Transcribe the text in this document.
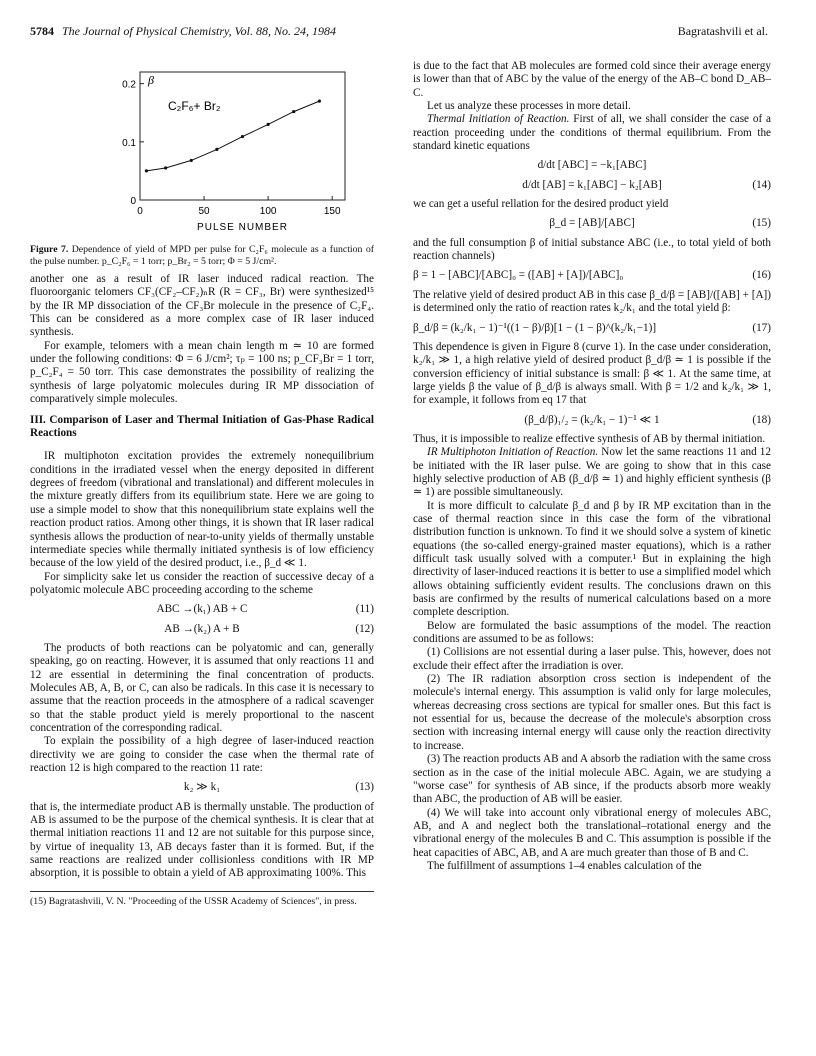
5784 The Journal of Physical Chemistry, Vol. 88, No. 24, 1984	Bagratashvili et al.
0	50	100	150
0
0.1
0.2 β
C₂F₆+ Br₂
PULSE NUMBER

Figure 7. Dependence of yield of MPD per pulse for C₂F₆ molecule as a function of the pulse number. p_C₂F₆ = 1 torr; p_Br₂ = 5 torr; Φ = 5 J/cm².

another one as a result of IR laser induced radical reaction. The fluoroorganic telomers CF₃(CF₂–CF₂)ₙR (R = CF₃, Br) were synthesized¹⁵ by the IR MP dissociation of the CF₃Br molecule in the presence of C₂F₄. This can be considered as a more complex case of IR laser induced synthesis.

For example, telomers with a mean chain length m ≃ 10 are formed under the following conditions: Φ = 6 J/cm²; τₚ = 100 ns; p_CF₃Br = 1 torr, p_C₂F₄ = 50 torr. This case demonstrates the possibility of realizing the synthesis of large polyatomic molecules during IR MP dissociation of comparatively simple molecules.

III. Comparison of Laser and Thermal Initiation of Gas-Phase Radical Reactions

IR multiphoton excitation provides the extremely nonequilibrium conditions in the irradiated vessel when the energy deposited in different degrees of freedom (vibrational and translational) and different molecules in the mixture greatly differs from its equilibrium state. Here we are going to use a simple model to show that this nonequilibrium state explains well the reaction product ratios. Among other things, it is shown that IR laser radical synthesis allows the production of near-to-unity yields of thermally unstable intermediate species while thermally initiated synthesis is of low efficiency because of the low yield of the desired product, i.e., β_d ≪ 1.

For simplicity sake let us consider the reaction of successive decay of a polyatomic molecule ABC proceeding according to the scheme

ABC →(k₁) AB + C	(11)
AB →(k₂) A + B	(12)

The products of both reactions can be polyatomic and can, generally speaking, go on reacting. However, it is assumed that only reactions 11 and 12 are essential in determining the final concentration of products. Molecules AB, A, B, or C, can also be radicals. In this case it is necessary to assume that the reaction proceeds in the atmosphere of a radical scavenger so that the stable product yield is merely proportional to the nascent concentration of the corresponding radical.

To explain the possibility of a high degree of laser-induced reaction directivity we are going to consider the case when the thermal rate of reaction 12 is high compared to the reaction 11 rate:

k₂ ≫ k₁	(13)

that is, the intermediate product AB is thermally unstable. The production of AB is assumed to be the purpose of the chemical synthesis. It is clear that at thermal initiation reactions 11 and 12 are not suitable for this purpose since, by virtue of inequality 13, AB decays faster than it is formed. But, if the same reactions are realized under collisionless conditions with IR MP absorption, it is possible to obtain a yield of AB approximating 100%. This

(15) Bagratashvili, V. N. "Proceeding of the USSR Academy of Sciences", in press.

is due to the fact that AB molecules are formed cold since their average energy is lower than that of ABC by the value of the energy of the AB–C bond D_AB–C.

Let us analyze these processes in more detail.

Thermal Initiation of Reaction. First of all, we shall consider the case of a reaction proceeding under the conditions of thermal equilibrium. From the standard kinetic equations

d/dt [ABC] = −k₁[ABC]
d/dt [AB] = k₁[ABC] − k₂[AB]	(14)

we can get a useful rellation for the desired product yield

β_d = [AB]/[ABC]	(15)

and the full consumption β of initial substance ABC (i.e., to total yield of both reaction channels)

β = 1 − [ABC]/[ABC]₀ = ([AB] + [A])/[ABC]₀	(16)

The relative yield of desired product AB in this case β_d/β = [AB]/([AB] + [A]) is determined only the ratio of reaction rates k₂/k₁ and the total yield β:

β_d/β = (k₂/k₁ − 1)⁻¹((1 − β)/β)[1 − (1 − β)^(k₂/k₁−1)]	(17)

This dependence is given in Figure 8 (curve 1). In the case under consideration, k₂/k₁ ≫ 1, a high relative yield of desired product β_d/β ≃ 1 is possible if the conversion efficiency of initial substance is small: β ≪ 1. At the same time, at large yields β the value of β_d/β is always small. With β = 1/2 and k₂/k₁ ≫ 1, for example, it follows from eq 17 that

(β_d/β)₁/₂ = (k₂/k₁ − 1)⁻¹ ≪ 1	(18)

Thus, it is impossible to realize effective synthesis of AB by thermal initiation.

IR Multiphoton Initiation of Reaction. Now let the same reactions 11 and 12 be initiated with the IR laser pulse. We are going to show that in this case highly selective production of AB (β_d/β ≃ 1) and highly efficient synthesis (β ≃ 1) are possible simultaneously.

It is more difficult to calculate β_d and β by IR MP excitation than in the case of thermal reaction since in this case the form of the vibrational distribution function is unknown. To find it we should solve a system of kinetic equations (the so-called energy-grained master equations), which is a rather difficult task usually solved with a computer.¹ But in explaining the high directivity of laser-induced reactions it is better to use a simplified model which allows obtaining sufficiently evident results. The conclusions drawn on this basis are confirmed by the results of numerical calculations based on a more complete description.

Below are formulated the basic assumptions of the model. The reaction conditions are assumed to be as follows:

(1) Collisions are not essential during a laser pulse. This, however, does not exclude their effect after the irradiation is over.

(2) The IR radiation absorption cross section is independent of the molecule's internal energy. This assumption is valid only for large molecules, whereas decreasing cross sections are typical for smaller ones. But this fact is not essential for us, because the decrease of the molecule's absorption cross section with increasing internal energy will cause only the reaction directivity to increase.

(3) The reaction products AB and A absorb the radiation with the same cross section as in the case of the initial molecule ABC. Again, we are studying a "worse case" for synthesis of AB since, if the products absorb more weakly than ABC, the production of AB will be easier.

(4) We will take into account only vibrational energy of molecules ABC, AB, and A and neglect both the translational–rotational energy and the vibrational energy of the molecules B and C. This assumption is possible if the heat capacities of ABC, AB, and A are much greater than those of B and C.

The fulfillment of assumptions 1–4 enables calculation of the
